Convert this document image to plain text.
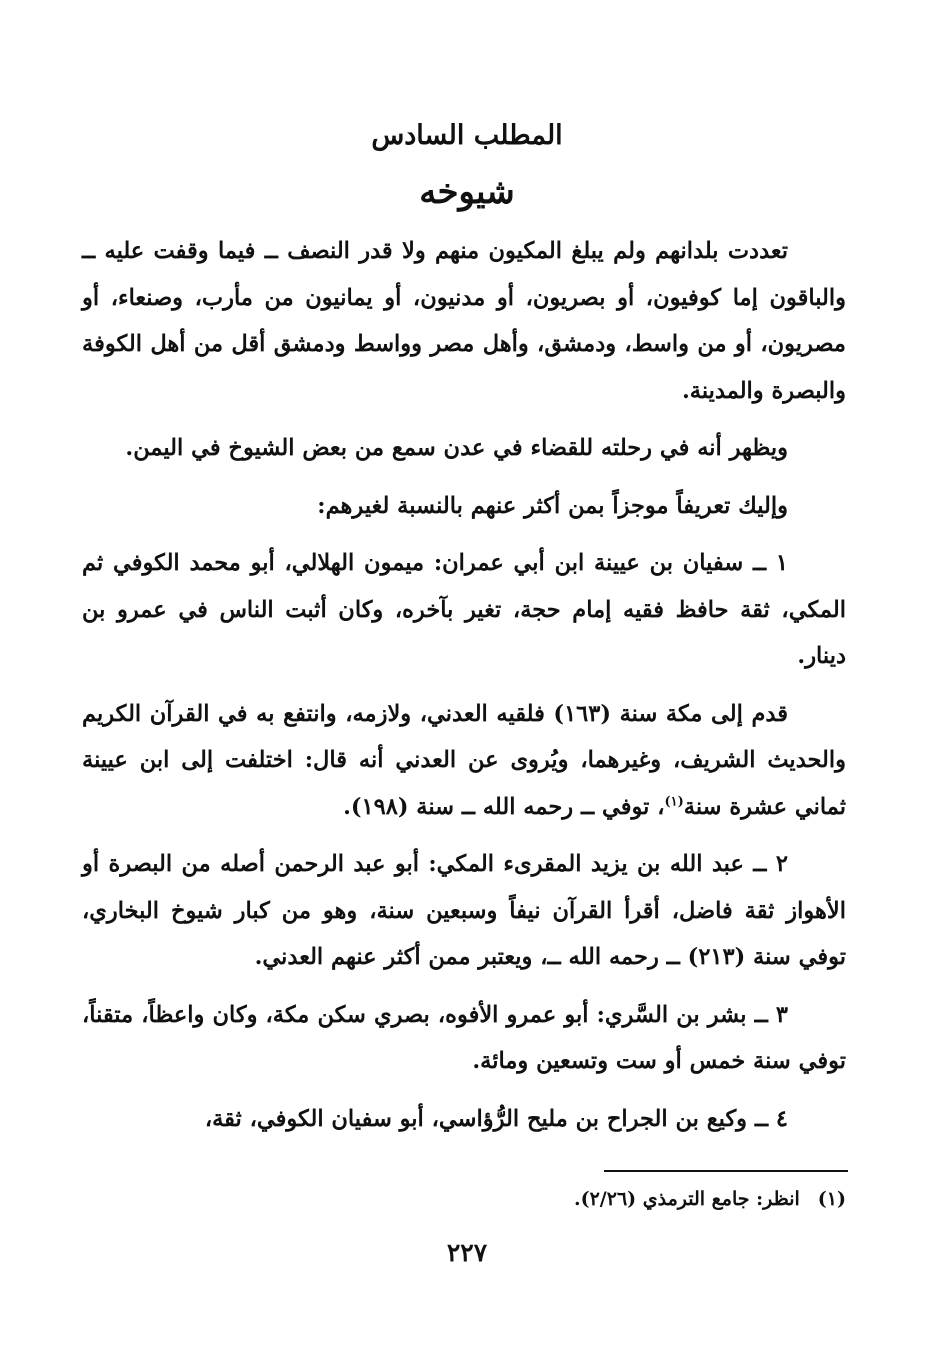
المطلب السادس
شيوخه

تعددت بلدانهم ولم يبلغ المكيون منهم ولا قدر النصف ــ فيما وقفت عليه ــ والباقون إما كوفيون، أو بصريون، أو مدنيون، أو يمانيون من مأرب، وصنعاء، أو مصريون، أو من واسط، ودمشق، وأهل مصر وواسط ودمشق أقل من أهل الكوفة والبصرة والمدينة.

ويظهر أنه في رحلته للقضاء في عدن سمع من بعض الشيوخ في اليمن.

وإليك تعريفاً موجزاً بمن أكثر عنهم بالنسبة لغيرهم:

١ ــ سفيان بن عيينة ابن أبي عمران: ميمون الهلالي، أبو محمد الكوفي ثم المكي، ثقة حافظ فقيه إمام حجة، تغير بآخره، وكان أثبت الناس في عمرو بن دينار.

قدم إلى مكة سنة (١٦٣) فلقيه العدني، ولازمه، وانتفع به في القرآن الكريم والحديث الشريف، وغيرهما، ويُروى عن العدني أنه قال: اختلفت إلى ابن عيينة ثماني عشرة سنة$^{(١)}$، توفي ــ رحمه الله ــ سنة (١٩٨).

٢ ــ عبد الله بن يزيد المقرىء المكي: أبو عبد الرحمن أصله من البصرة أو الأهواز ثقة فاضل، أقرأ القرآن نيفاً وسبعين سنة، وهو من كبار شيوخ البخاري، توفي سنة (٢١٣) ــ رحمه الله ــ، ويعتبر ممن أكثر عنهم العدني.

٣ ــ بشر بن السَّري: أبو عمرو الأفوه، بصري سكن مكة، وكان واعظاً، متقناً، توفي سنة خمس أو ست وتسعين ومائة.

٤ ــ وكيع بن الجراح بن مليح الرُّؤاسي، أبو سفيان الكوفي، ثقة،

(١)انظر: جامع الترمذي (٢/٢٦).
٢٢٧
